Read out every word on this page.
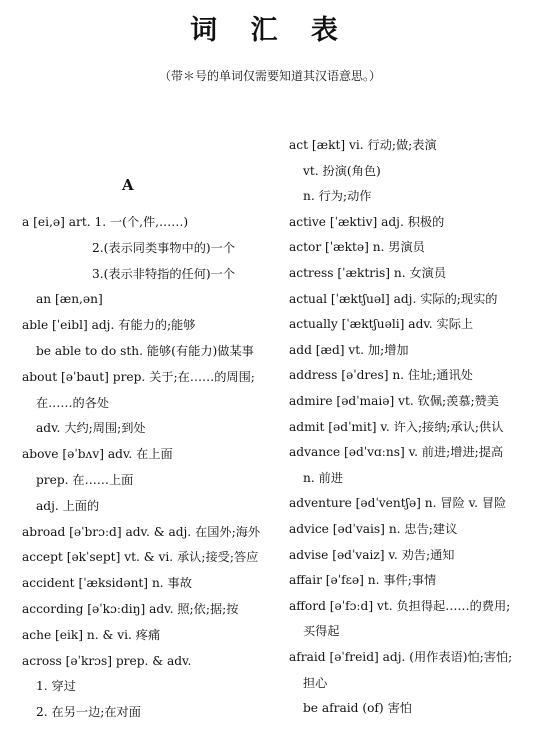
词 汇 表
（带＊号的单词仅需要知道其汉语意思。）
A
a [ei,ə] art. 1. 一(个,件,……)
2.(表示同类事物中的)一个
3.(表示非特指的任何)一个
an [æn,ən]
able [ˈeibl] adj. 有能力的;能够
be able to do sth. 能够(有能力)做某事
about [əˈbaut] prep. 关于;在……的周围;
在……的各处
adv. 大约;周围;到处
above [əˈbʌv] adv. 在上面
prep. 在……上面
adj. 上面的
abroad [əˈbrɔːd] adv. & adj. 在国外;海外
accept [əkˈsept] vt. & vi. 承认;接受;答应
accident [ˈæksidənt] n. 事故
according [əˈkɔːdiŋ] adv. 照;依;据;按
ache [eik] n. & vi. 疼痛
across [əˈkrɔs] prep. & adv.
1. 穿过
2. 在另一边;在对面
act [ækt] vi. 行动;做;表演
vt. 扮演(角色)
n. 行为;动作
active [ˈæktiv] adj. 积极的
actor [ˈæktə] n. 男演员
actress [ˈæktris] n. 女演员
actual [ˈæktʃuəl] adj. 实际的;现实的
actually [ˈæktʃuəli] adv. 实际上
add [æd] vt. 加;增加
address [əˈdres] n. 住址;通讯处
admire [ədˈmaiə] vt. 钦佩;羡慕;赞美
admit [ədˈmit] v. 许入;接纳;承认;供认
advance [ədˈvɑːns] v. 前进;增进;提高
n. 前进
adventure [ədˈventʃə] n. 冒险 v. 冒险
advice [ədˈvais] n. 忠告;建议
advise [ədˈvaiz] v. 劝告;通知
affair [əˈfɛə] n. 事件;事情
afford [əˈfɔːd] vt. 负担得起……的费用;
买得起
afraid [əˈfreid] adj. (用作表语)怕;害怕;
担心
be afraid (of) 害怕
